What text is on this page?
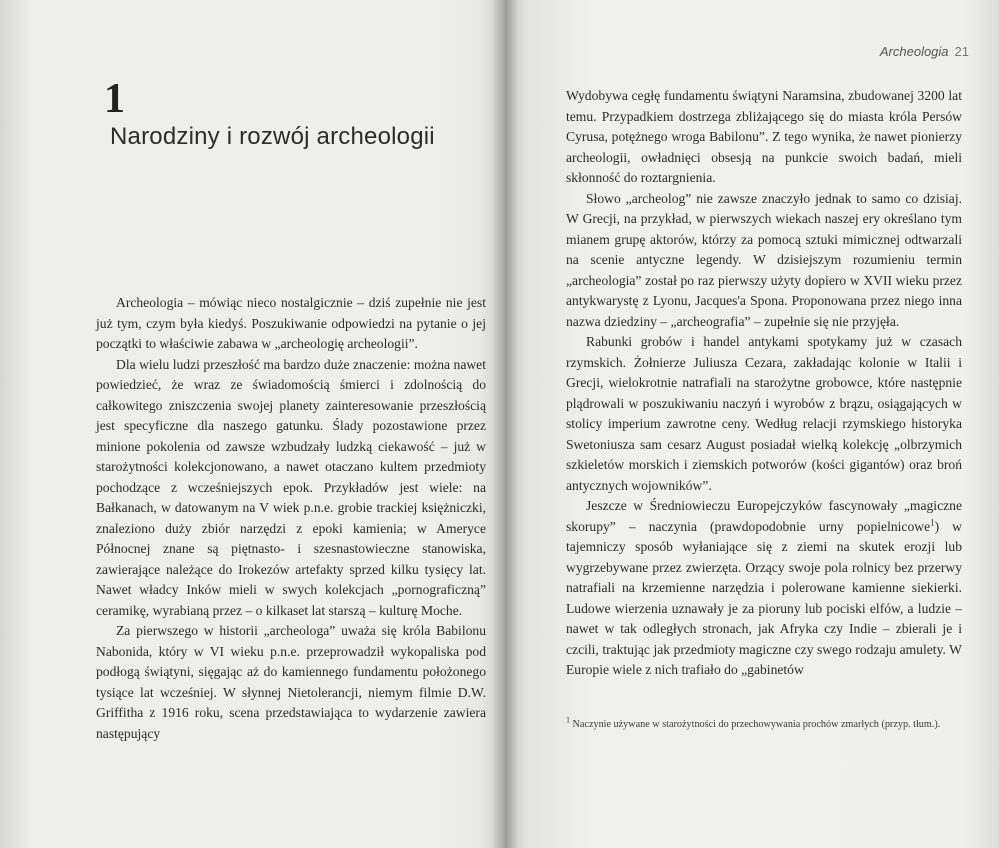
1
Narodziny i rozwój archeologii

Archeologia – mówiąc nieco nostalgicznie – dziś zupełnie nie jest już tym, czym była kiedyś. Poszukiwanie odpowiedzi na pytanie o jej początki to właściwie zabawa w „archeologię archeologii”.

Dla wielu ludzi przeszłość ma bardzo duże znaczenie: można nawet powiedzieć, że wraz ze świadomością śmierci i zdolnością do całkowitego zniszczenia swojej planety zainteresowanie przeszłością jest specyficzne dla naszego gatunku. Ślady pozostawione przez minione pokolenia od zawsze wzbudzały ludzką ciekawość – już w starożytności kolekcjonowano, a nawet otaczano kultem przedmioty pochodzące z wcześniejszych epok. Przykładów jest wiele: na Bałkanach, w datowanym na V wiek p.n.e. grobie trackiej księżniczki, znaleziono duży zbiór narzędzi z epoki kamienia; w Ameryce Północnej znane są piętnasto- i szesnastowieczne stanowiska, zawierające należące do Irokezów artefakty sprzed kilku tysięcy lat. Nawet władcy Inków mieli w swych kolekcjach „pornograficzną” ceramikę, wyrabianą przez – o kilkaset lat starszą – kulturę Moche.

Za pierwszego w historii „archeologa” uważa się króla Babilonu Nabonida, który w VI wieku p.n.e. przeprowadził wykopaliska pod podłogą świątyni, sięgając aż do kamiennego fundamentu położonego tysiące lat wcześniej. W słynnej Nietolerancji, niemym filmie D.W. Griffitha z 1916 roku, scena przedstawiająca to wydarzenie zawiera następujący

Archeologia 21

Wydobywa cegłę fundamentu świątyni Naramsina, zbudowanej 3200 lat temu. Przypadkiem dostrzega zbliżającego się do miasta króla Persów Cyrusa, potężnego wroga Babilonu”. Z tego wynika, że nawet pionierzy archeologii, owładnięci obsesją na punkcie swoich badań, mieli skłonność do roztargnienia.

Słowo „archeolog” nie zawsze znaczyło jednak to samo co dzisiaj. W Grecji, na przykład, w pierwszych wiekach naszej ery określano tym mianem grupę aktorów, którzy za pomocą sztuki mimicznej odtwarzali na scenie antyczne legendy. W dzisiejszym rozumieniu termin „archeologia” został po raz pierwszy użyty dopiero w XVII wieku przez antykwarystę z Lyonu, Jacques'a Spona. Proponowana przez niego inna nazwa dziedziny – „archeografia” – zupełnie się nie przyjęła.

Rabunki grobów i handel antykami spotykamy już w czasach rzymskich. Żołnierze Juliusza Cezara, zakładając kolonie w Italii i Grecji, wielokrotnie natrafiali na starożytne grobowce, które następnie plądrowali w poszukiwaniu naczyń i wyrobów z brązu, osiągających w stolicy imperium zawrotne ceny. Według relacji rzymskiego historyka Swetoniusza sam cesarz August posiadał wielką kolekcję „olbrzymich szkieletów morskich i ziemskich potworów (kości gigantów) oraz broń antycznych wojowników”.

Jeszcze w Średniowieczu Europejczyków fascynowały „magiczne skorupy” – naczynia (prawdopodobnie urny popielnicowe$^1$) w tajemniczy sposób wyłaniające się z ziemi na skutek erozji lub wygrzebywane przez zwierzęta. Orzący swoje pola rolnicy bez przerwy natrafiali na krzemienne narzędzia i polerowane kamienne siekierki. Ludowe wierzenia uznawały je za pioruny lub pociski elfów, a ludzie – nawet w tak odległych stronach, jak Afryka czy Indie – zbierali je i czcili, traktując jak przedmioty magiczne czy swego rodzaju amulety. W Europie wiele z nich trafiało do „gabinetów

$^1$ Naczynie używane w starożytności do przechowywania prochów zmarłych (przyp. tłum.).
